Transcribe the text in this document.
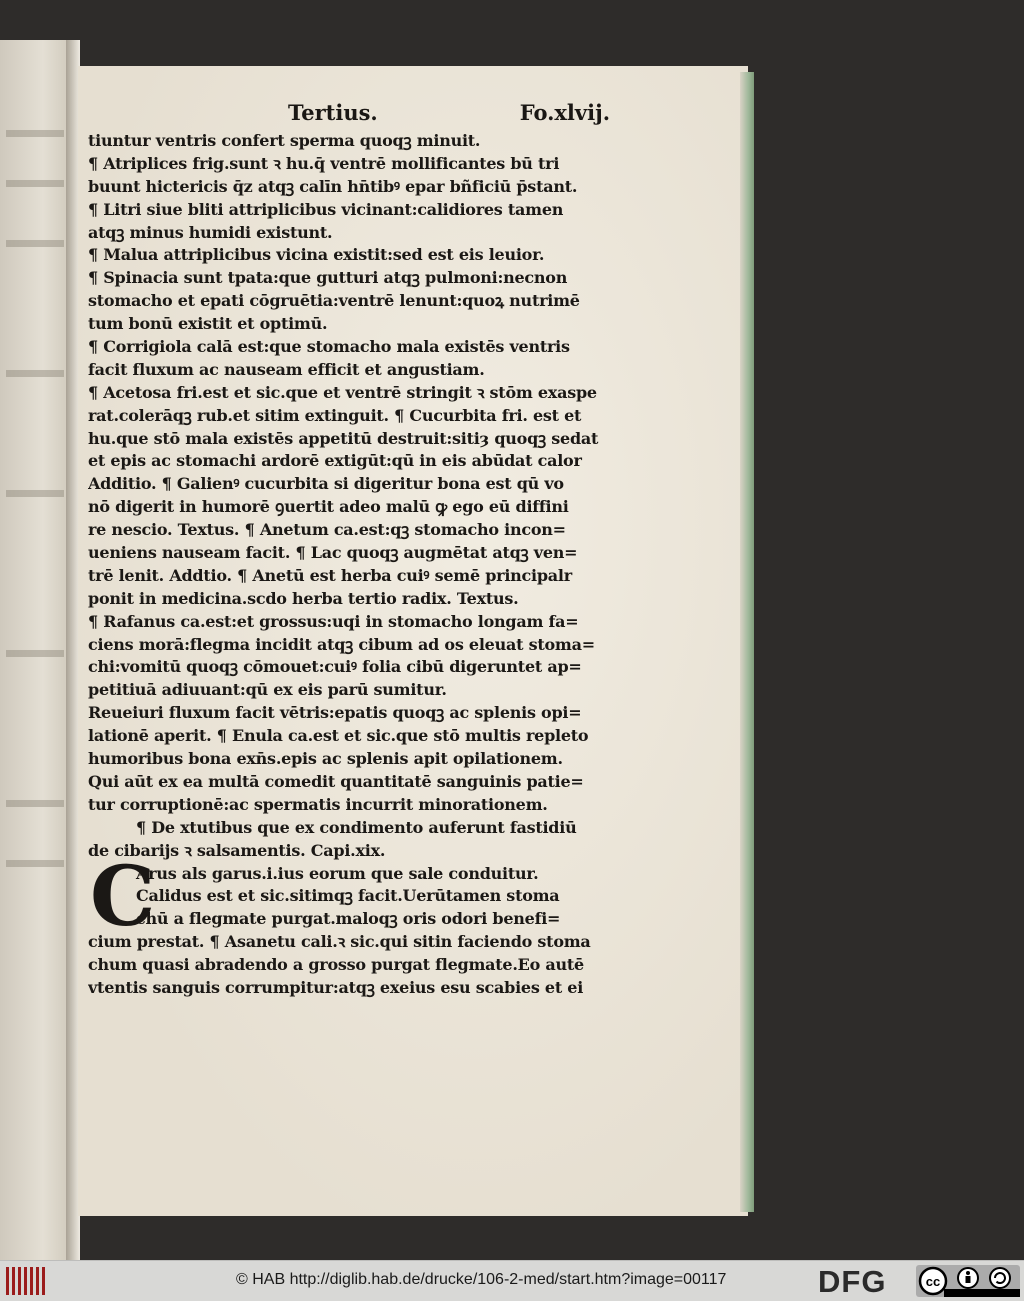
Tertius.	Fo.xlvij.
tiuntur ventris confert sperma quoqꝫ minuit.
¶ Atriplices frig.sunt ꝛ hu.q̄ ventrē mollificantes bū tri
buunt hictericis q̄z atqꝫ calīn hn̄tibꝰ epar bñficiū p̄stant.
¶ Litri siue bliti attriplicibus vicinant:calidiores tamen
atqꝫ minus humidi existunt.
¶ Malua attriplicibus vicina existit:sed est eis leuior.
¶ Spinacia sunt tpata:que gutturi atqꝫ pulmoni:necnon
stomacho et epati cōgruētia:ventrē lenunt:quoꝝ nutrimē
tum bonū existit et optimū.
¶ Corrigiola calā est:que stomacho mala existēs ventris
facit fluxum ac nauseam efficit et angustiam.
¶ Acetosa fri.est et sic.que et ventrē stringit ꝛ stōm exaspe
rat.colerāqꝫ rub.et sitim extinguit. ¶ Cucurbita fri. est et
hu.que stō mala existēs appetitū destruit:sitiȝ quoqꝫ sedat
et epis ac stomachi ardorē extigūt:qū in eis abūdat calor
Additio. ¶ Galienꝰ cucurbita si digeritur bona est qū vo
nō digerit in humorē ꝯuertit adeo malū ꝙ ego eū diffini
re nescio. Textus. ¶ Anetum ca.est:qꝫ stomacho incon=
ueniens nauseam facit. ¶ Lac quoqꝫ augmētat atqꝫ ven=
trē lenit. Addtio. ¶ Anetū est herba cuiꝰ semē principalr
ponit in medicina.scdo herba tertio radix. Textus.
¶ Rafanus ca.est:et grossus:uqi in stomacho longam fa=
ciens morā:flegma incidit atqꝫ cibum ad os eleuat stoma=
chi:vomitū quoqꝫ cōmouet:cuiꝰ folia cibū digeruntet ap=
petitiuā adiuuant:qū ex eis parū sumitur.
Reueiuri fluxum facit vētris:epatis quoqꝫ ac splenis opi=
lationē aperit. ¶ Enula ca.est et sic.que stō multis repleto
humoribus bona exn̄s.epis ac splenis apit opilationem.
Qui aūt ex ea multā comedit quantitatē sanguinis patie=
tur corruptionē:ac spermatis incurrit minorationem.
¶ De xtutibus que ex condimento auferunt fastidiū
de cibarijs ꝛ salsamentis. Capi.xix.
Arus als garus.i.ius eorum que sale conduitur.
Calidus est et sic.sitimqꝫ facit.Uerūtamen stoma
chū a flegmate purgat.maloqꝫ oris odori benefi=
cium prestat. ¶ Asanetu cali.ꝛ sic.qui sitin faciendo stoma
chum quasi abradendo a grosso purgat flegmate.Eo autē
vtentis sanguis corrumpitur:atqꝫ exeius esu scabies et ei
C
© HAB http://diglib.hab.de/drucke/106-2-med/start.htm?image=00117	DFG	cc
